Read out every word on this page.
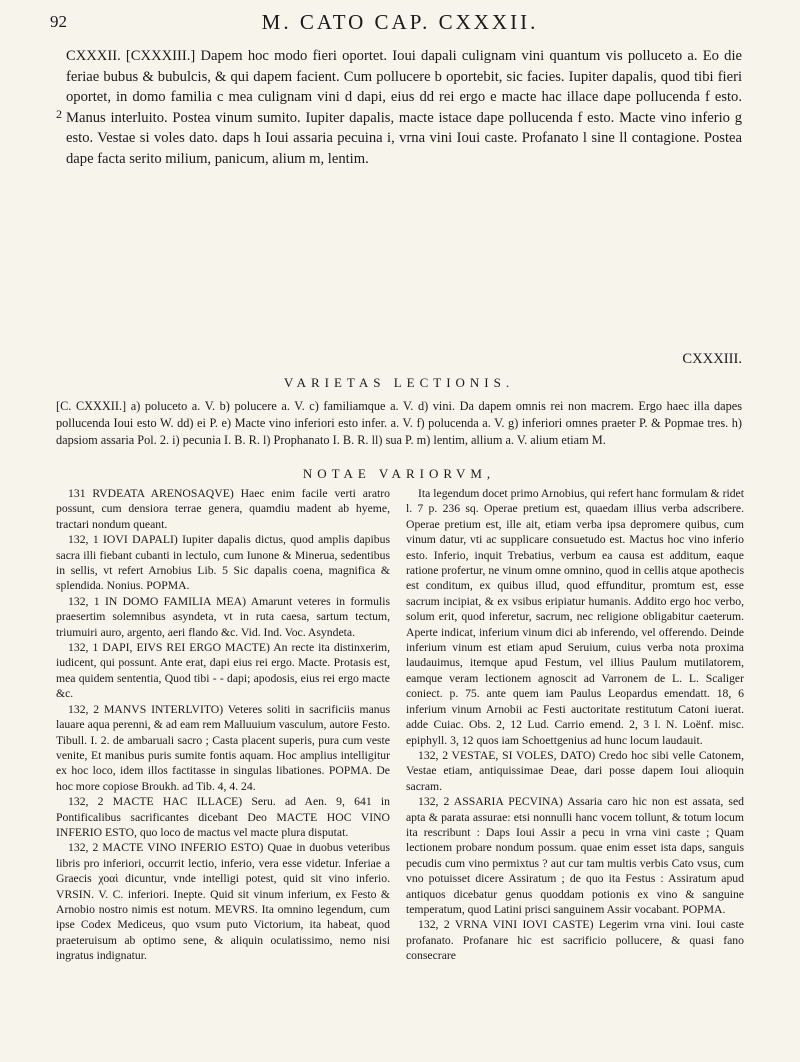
92	M. CATO CAP. CXXXII.

CXXXII. [CXXXIII.] Dapem hoc modo fieri oportet. Ioui dapali culignam vini quantum vis polluceto a. Eo die feriae bubus & bubulcis, & qui dapem facient. Cum pollucere b oportebit, sic facies. Iupiter dapalis, quod tibi fieri oportet, in domo familia c mea culignam vini d dapi, eius dd rei ergo e macte hac illace dape pollucenda f esto. Manus interluito. Postea vinum sumito. Iupiter dapalis, macte istace dape pollucenda f esto. Macte vino inferio g esto. Vestae si voles dato. daps h Ioui assaria pecuina i, vrna vini Ioui caste. Profanato l sine ll contagione. Postea dape facta serito milium, panicum, alium m, lentim.

2
CXXXIII.
VARIETAS LECTIONIS.
[C. CXXXII.] a) poluceto a. V. b) polucere a. V. c) familiamque a. V. d) vini. Da dapem omnis rei non macrem. Ergo haec illa dapes pollucenda Ioui esto W. dd) ei P. e) Macte vino inferiori esto infer. a. V. f) polucenda a. V. g) inferiori omnes praeter P. & Popmae tres. h) dapsiom assaria Pol. 2. i) pecunia I. B. R. l) Prophanato I. B. R. ll) sua P. m) lentim, allium a. V. alium etiam M.
NOTAE VARIORVM,

131 RVDEATA ARENOSAQVE) Haec enim facile verti aratro possunt, cum densiora terrae genera, quamdiu madent ab hyeme, tractari nondum queant.

132, 1 IOVI DAPALI) Iupiter dapalis dictus, quod amplis dapibus sacra illi fiebant cubanti in lectulo, cum Iunone & Minerua, sedentibus in sellis, vt refert Arnobius Lib. 5 Sic dapalis coena, magnifica & splendida. Nonius. POPMA.

132, 1 IN DOMO FAMILIA MEA) Amarunt veteres in formulis praesertim solemnibus asyndeta, vt in ruta caesa, sartum tectum, triumuiri auro, argento, aeri flando &c. Vid. Ind. Voc. Asyndeta.

132, 1 DAPI, EIVS REI ERGO MACTE) An recte ita distinxerim, iudicent, qui possunt. Ante erat, dapi eius rei ergo. Macte. Protasis est, mea quidem sententia, Quod tibi - - dapi; apodosis, eius rei ergo macte &c.

132, 2 MANVS INTERLVITO) Veteres soliti in sacrificiis manus lauare aqua perenni, & ad eam rem Malluuium vasculum, autore Festo. Tibull. I. 2. de ambaruali sacro ; Casta placent superis, pura cum veste venite, Et manibus puris sumite fontis aquam. Hoc amplius intelligitur ex hoc loco, idem illos factitasse in singulas libationes. POPMA. De hoc more copiose Broukh. ad Tib. 4, 4. 24.

132, 2 MACTE HAC ILLACE) Seru. ad Aen. 9, 641 in Pontificalibus sacrificantes dicebant Deo MACTE HOC VINO INFERIO ESTO, quo loco de mactus vel macte plura disputat.

132, 2 MACTE VINO INFERIO ESTO) Quae in duobus veteribus libris pro inferiori, occurrit lectio, inferio, vera esse videtur. Inferiae a Graecis χοαὶ dicuntur, vnde intelligi potest, quid sit vino inferio. VRSIN. V. C. inferiori. Inepte. Quid sit vinum inferium, ex Festo & Arnobio nostro nimis est notum. MEVRS. Ita omnino legendum, cum ipse Codex Mediceus, quo vsum puto Victorium, ita habeat, quod praeteruisum ab optimo sene, & aliquin oculatissimo, nemo nisi ingratus indignatur.

Ita legendum docet primo Arnobius, qui refert hanc formulam & ridet l. 7 p. 236 sq. Operae pretium est, quaedam illius verba adscribere. Operae pretium est, ille ait, etiam verba ipsa depromere quibus, cum vinum datur, vti ac supplicare consuetudo est. Mactus hoc vino inferio esto. Inferio, inquit Trebatius, verbum ea causa est additum, eaque ratione profertur, ne vinum omne omnino, quod in cellis atque apothecis est conditum, ex quibus illud, quod effunditur, promtum est, esse sacrum incipiat, & ex vsibus eripiatur humanis. Addito ergo hoc verbo, solum erit, quod inferetur, sacrum, nec religione obligabitur caeterum. Aperte indicat, inferium vinum dici ab inferendo, vel offerendo. Deinde inferium vinum est etiam apud Seruium, cuius verba nota proxima laudauimus, itemque apud Festum, vel illius Paulum mutilatorem, eamque veram lectionem agnoscit ad Varronem de L. L. Scaliger coniect. p. 75. ante quem iam Paulus Leopardus emendatt. 18, 6 inferium vinum Arnobii ac Festi auctoritate restitutum Catoni iuerat. adde Cuiac. Obs. 2, 12 Lud. Carrio emend. 2, 3 l. N. Loënf. misc. epiphyll. 3, 12 quos iam Schoettgenius ad hunc locum laudauit.

132, 2 VESTAE, SI VOLES, DATO) Credo hoc sibi velle Catonem, Vestae etiam, antiquissimae Deae, dari posse dapem Ioui alioquin sacram.

132, 2 ASSARIA PECVINA) Assaria caro hic non est assata, sed apta & parata assurae: etsi nonnulli hanc vocem tollunt, & totum locum ita rescribunt : Daps Ioui Assir a pecu in vrna vini caste ; Quam lectionem probare nondum possum. quae enim esset ista daps, sanguis pecudis cum vino permixtus ? aut cur tam multis verbis Cato vsus, cum vno potuisset dicere Assiratum ; de quo ita Festus : Assiratum apud antiquos dicebatur genus quoddam potionis ex vino & sanguine temperatum, quod Latini prisci sanguinem Assir vocabant. POPMA.

132, 2 VRNA VINI IOVI CASTE) Legerim vrna vini. Ioui caste profanato. Profanare hic est sacrificio pollucere, & quasi fano consecrare
